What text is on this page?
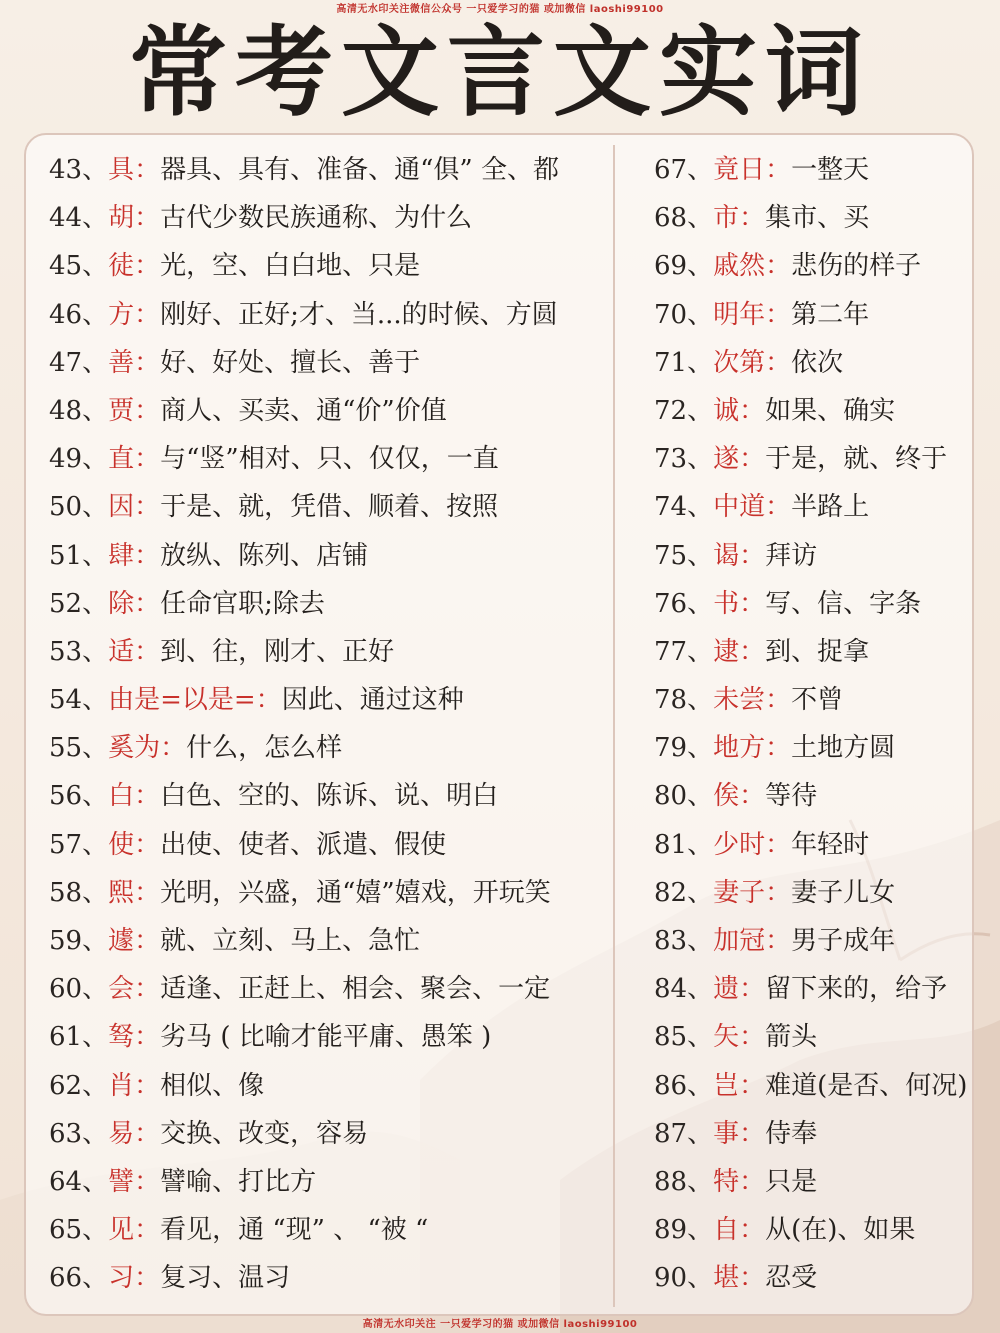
高清无水印关注微信公众号 一只爱学习的猫 或加微信 laoshi99100
常考文言文实词
43、具：器具、具有、准备、通“俱” 全、都
44、胡：古代少数民族通称、为什么
45、徒：光，空、白白地、只是
46、方：刚好、正好;才、当...的时候、方圆
47、善：好、好处、擅长、善于
48、贾：商人、买卖、通“价”价值
49、直：与“竖”相对、只、仅仅，一直
50、因：于是、就，凭借、顺着、按照
51、肆：放纵、陈列、店铺
52、除：任命官职;除去
53、适：到、往，刚才、正好
54、由是=以是=：因此、通过这种
55、奚为：什么，怎么样
56、白：白色、空的、陈诉、说、明白
57、使：出使、使者、派遣、假使
58、熙：光明，兴盛，通“嬉”嬉戏，开玩笑
59、遽：就、立刻、马上、急忙
60、会：适逢、正赶上、相会、聚会、一定
61、驽：劣马 ( 比喻才能平庸、愚笨 )
62、肖：相似、像
63、易：交换、改变，容易
64、譬：譬喻、打比方
65、见：看见，通 “现” 、 “被 “
66、习：复习、温习
67、竟日：一整天
68、市：集市、买
69、戚然：悲伤的样子
70、明年：第二年
71、次第：依次
72、诚：如果、确实
73、遂：于是，就、终于
74、中道：半路上
75、谒：拜访
76、书：写、信、字条
77、逮：到、捉拿
78、未尝：不曾
79、地方：土地方圆
80、俟：等待
81、少时：年轻时
82、妻子：妻子儿女
83、加冠：男子成年
84、遗：留下来的，给予
85、矢：箭头
86、岂：难道(是否、何况)
87、事：侍奉
88、特：只是
89、自：从(在)、如果
90、堪：忍受
高清无水印关注 一只爱学习的猫 或加微信 laoshi99100
